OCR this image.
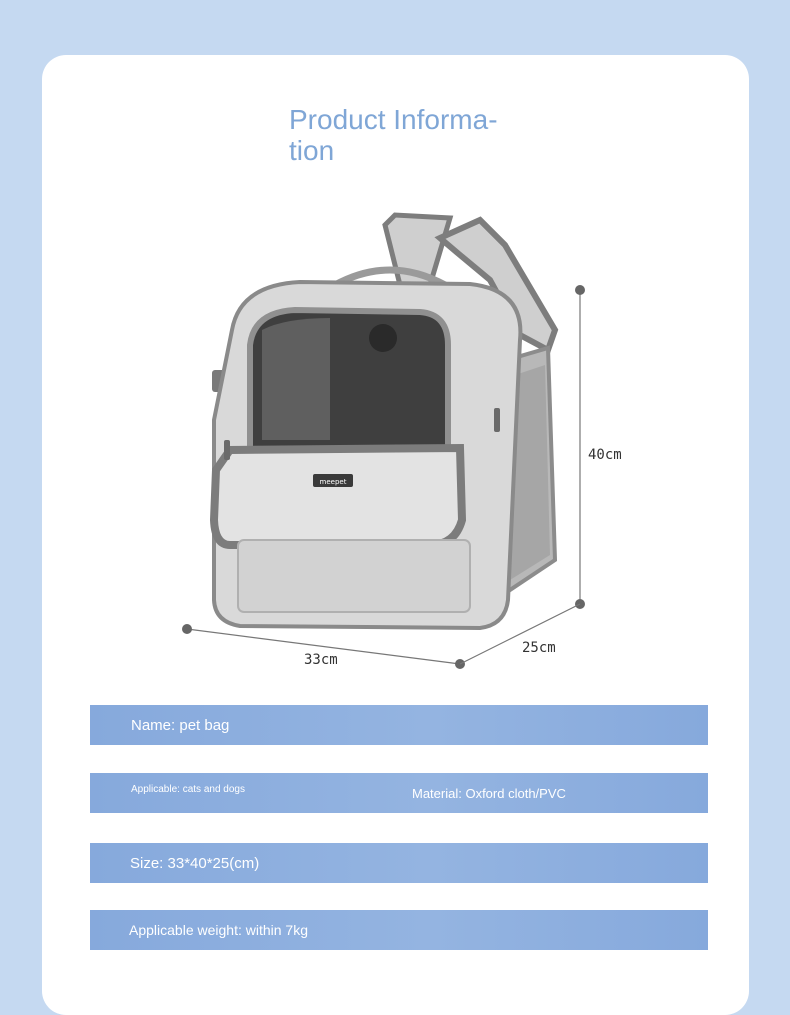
Product Informa-
tion
meepet
40cm
33cm
25cm
Name: pet bag
Applicable: cats and dogs	Material: Oxford cloth/PVC
Size: 33*40*25(cm)
Applicable weight: within 7kg
